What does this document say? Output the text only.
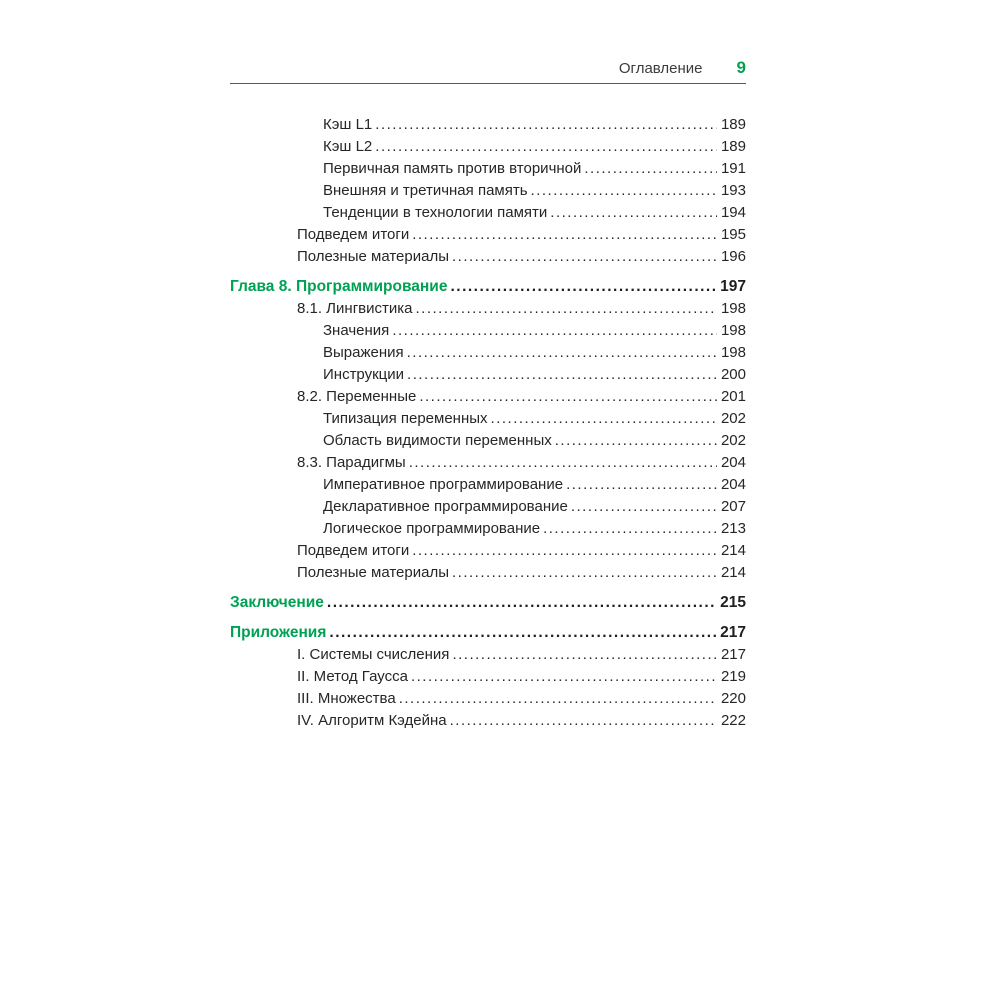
Оглавление 9
Кэш L1 .....	189
Кэш L2 .....	189
Первичная память против вторичной .....	191
Внешняя и третичная память .....	193
Тенденции в технологии памяти .....	194
Подведем итоги .....	195
Полезные материалы .....	196
Глава 8. Программирование .....	197
8.1. Лингвистика .....	198
Значения .....	198
Выражения .....	198
Инструкции .....	200
8.2. Переменные .....	201
Типизация переменных .....	202
Область видимости переменных .....	202
8.3. Парадигмы .....	204
Императивное программирование .....	204
Декларативное программирование .....	207
Логическое программирование .....	213
Подведем итоги .....	214
Полезные материалы .....	214
Заключение .....	215
Приложения .....	217
I. Системы счисления .....	217
II. Метод Гаусса .....	219
III. Множества .....	220
IV. Алгоритм Кэдейна .....	222
